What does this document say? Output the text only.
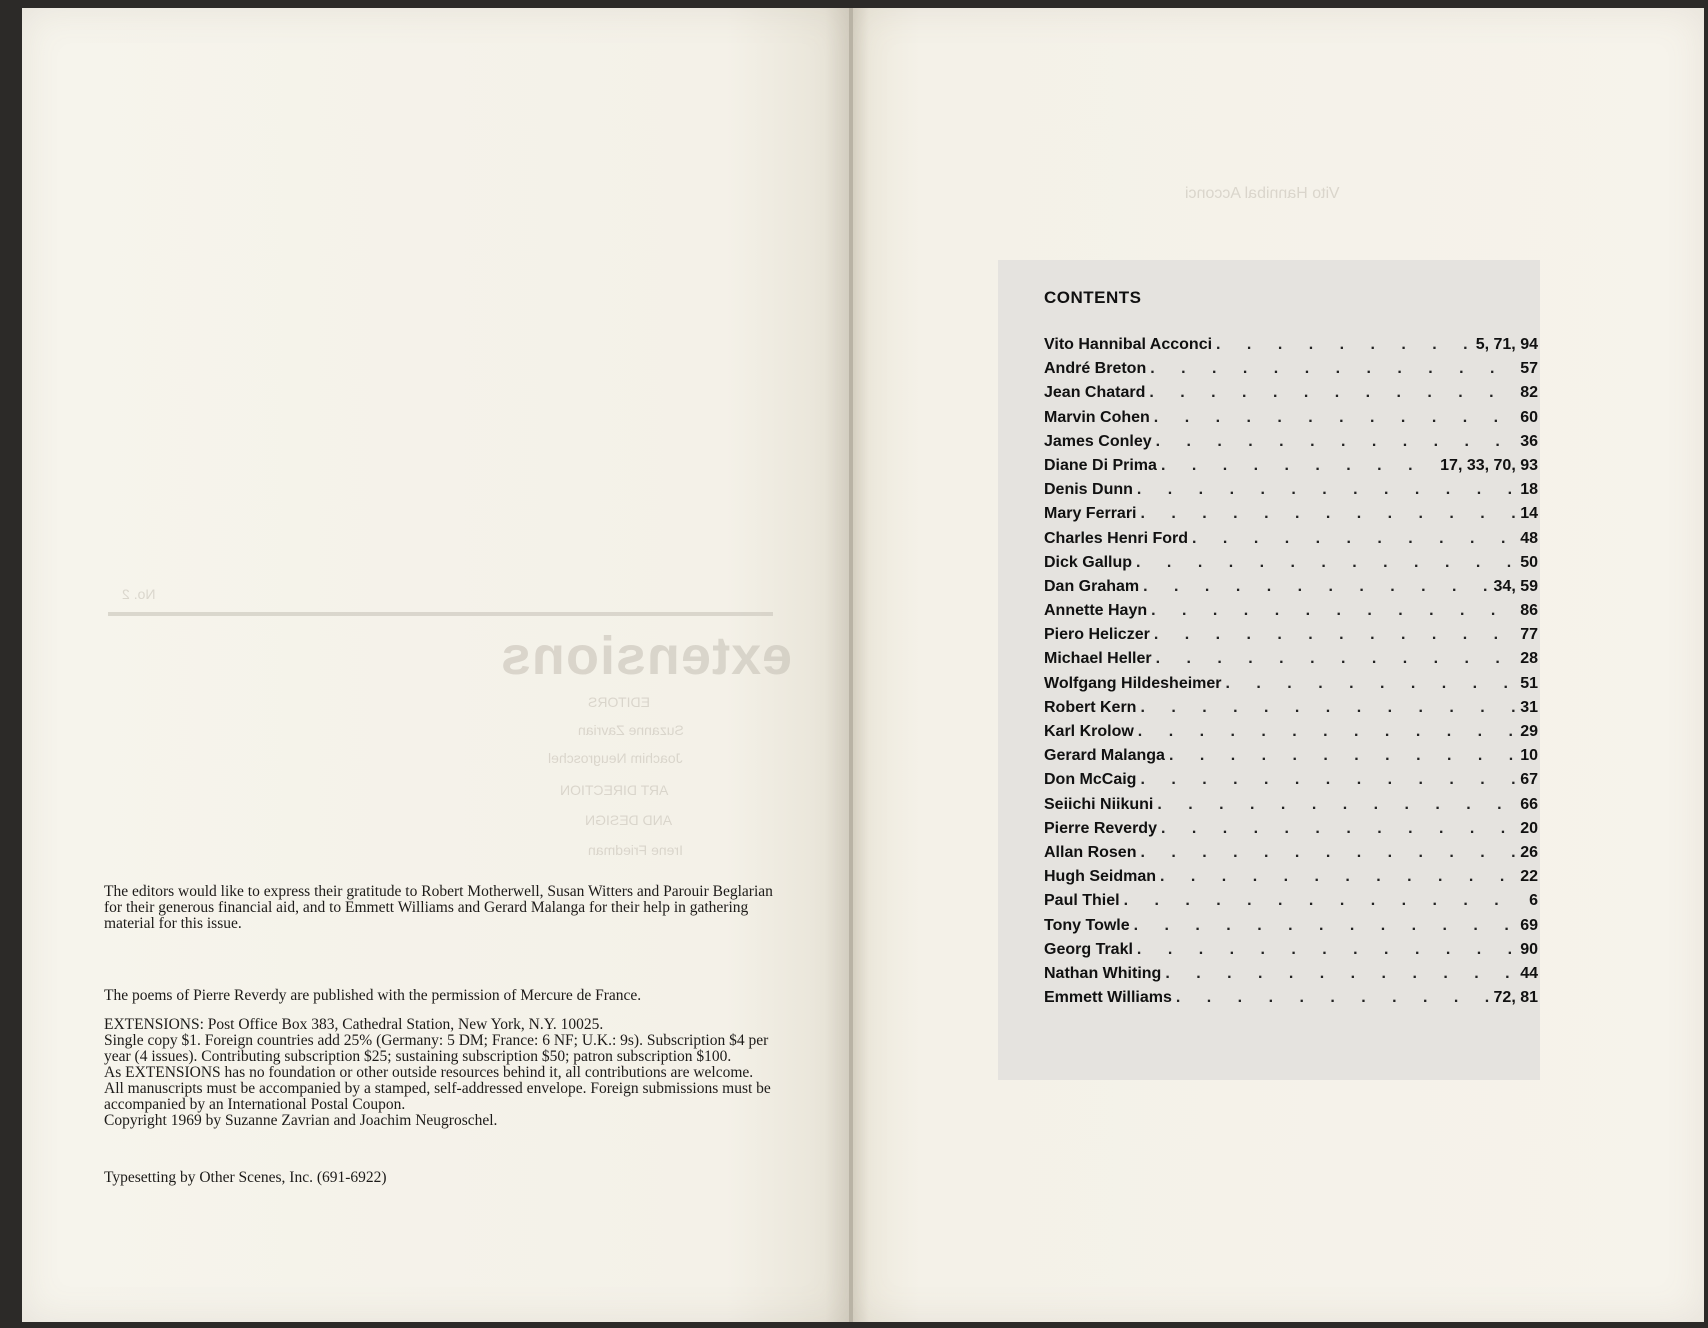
extensions
EDITORS
Suzanne Zavrian
Joachim Neugroschel
ART DIRECTION
AND DESIGN
Irene Friedman
No. 2
Vito Hannibal Acconci

The editors would like to express their gratitude to Robert Motherwell, Susan Witters and Parouir Beglarian for their generous financial aid, and to Emmett Williams and Gerard Malanga for their help in gathering material for this issue.

The poems of Pierre Reverdy are published with the permission of Mercure de France.

EXTENSIONS: Post Office Box 383, Cathedral Station, New York, N.Y. 10025.

Single copy $1. Foreign countries add 25% (Germany: 5 DM; France: 6 NF; U.K.: 9s). Subscription $4 per year (4 issues). Contributing subscription $25; sustaining subscription $50; patron subscription $100.

As EXTENSIONS has no foundation or other outside resources behind it, all contributions are welcome.

All manuscripts must be accompanied by a stamped, self-addressed envelope. Foreign submissions must be accompanied by an International Postal Coupon.

Copyright 1969 by Suzanne Zavrian and Joachim Neugroschel.

Typesetting by Other Scenes, Inc. (691-6922)

CONTENTS
Vito Hannibal Acconci . . .	5, 71, 94
André Breton . . .	57
Jean Chatard . . .	82
Marvin Cohen . . .	60
James Conley . . .	36
Diane Di Prima . . .	17, 33, 70, 93
Denis Dunn . . .	18
Mary Ferrari . . .	14
Charles Henri Ford . . .	48
Dick Gallup . . .	50
Dan Graham . . .	34, 59
Annette Hayn . . .	86
Piero Heliczer . . .	77
Michael Heller . . .	28
Wolfgang Hildesheimer . . .	51
Robert Kern . . .	31
Karl Krolow . . .	29
Gerard Malanga . . .	10
Don McCaig . . .	67
Seiichi Niikuni . . .	66
Pierre Reverdy . . .	20
Allan Rosen . . .	26
Hugh Seidman . . .	22
Paul Thiel . . .	6
Tony Towle . . .	69
Georg Trakl . . .	90
Nathan Whiting . . .	44
Emmett Williams . . .	72, 81
